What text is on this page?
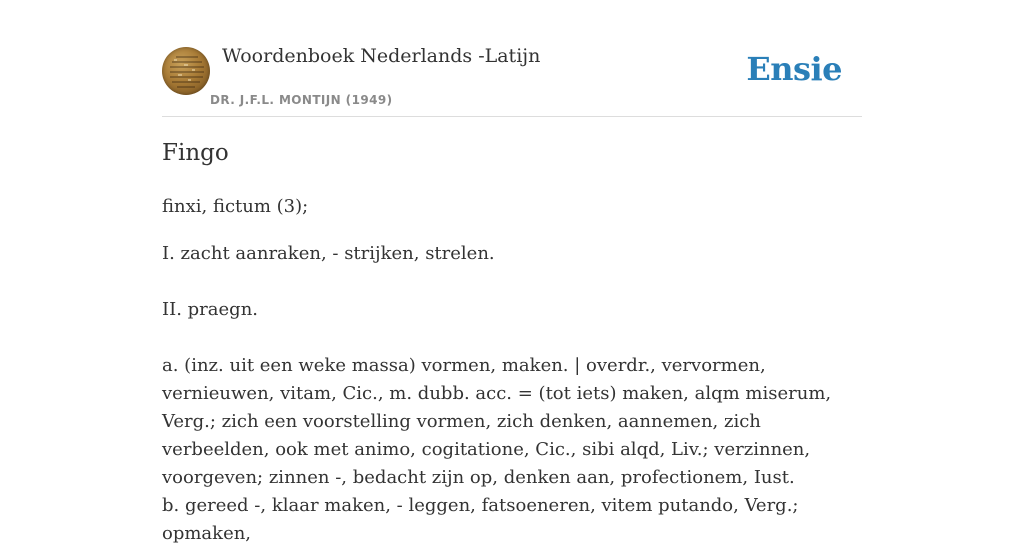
Woordenboek Nederlands -Latijn
DR. J.F.L. MONTIJN (1949)
Ensie
Fingo

finxi, fictum (3);

I. zacht aanraken, - strijken, strelen.

II. praegn.

a. (inz. uit een weke massa) vormen, maken. | overdr., vervormen, vernieuwen, vitam, Cic., m. dubb. acc. = (tot iets) maken, alqm miserum, Verg.; zich een voorstelling vormen, zich denken, aannemen, zich verbeelden, ook met animo, cogitatione, Cic., sibi alqd, Liv.; verzinnen, voorgeven; zinnen -, bedacht zijn op, denken aan, profectionem, Iust.

b. gereed -, klaar maken, - leggen, fatsoeneren, vitem putando, Verg.; opmaken,
